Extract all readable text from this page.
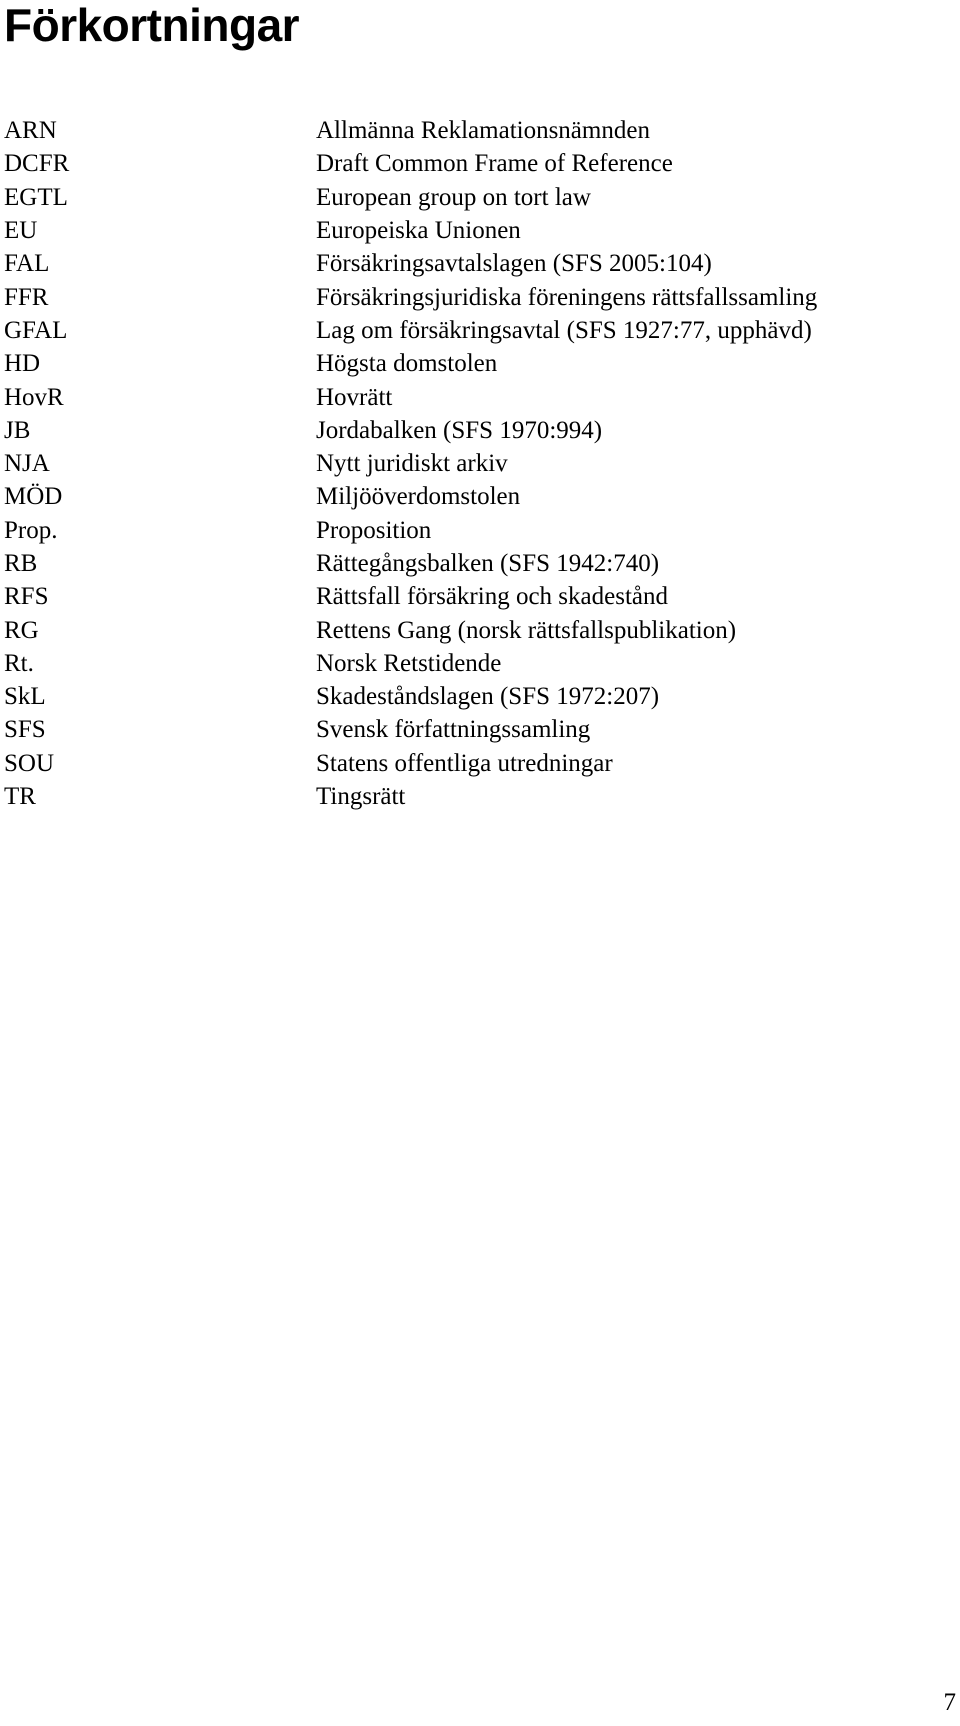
Förkortningar
ARN	Allmänna Reklamationsnämnden
DCFR	Draft Common Frame of Reference
EGTL	European group on tort law
EU	Europeiska Unionen
FAL	Försäkringsavtalslagen (SFS 2005:104)
FFR	Försäkringsjuridiska föreningens rättsfallssamling
GFAL	Lag om försäkringsavtal (SFS 1927:77, upphävd)
HD	Högsta domstolen
HovR	Hovrätt
JB	Jordabalken (SFS 1970:994)
NJA	Nytt juridiskt arkiv
MÖD	Miljööverdomstolen
Prop.	Proposition
RB	Rättegångsbalken (SFS 1942:740)
RFS	Rättsfall försäkring och skadestånd
RG	Rettens Gang (norsk rättsfallspublikation)
Rt.	Norsk Retstidende
SkL	Skadeståndslagen (SFS 1972:207)
SFS	Svensk författningssamling
SOU	Statens offentliga utredningar
TR	Tingsrätt
7
